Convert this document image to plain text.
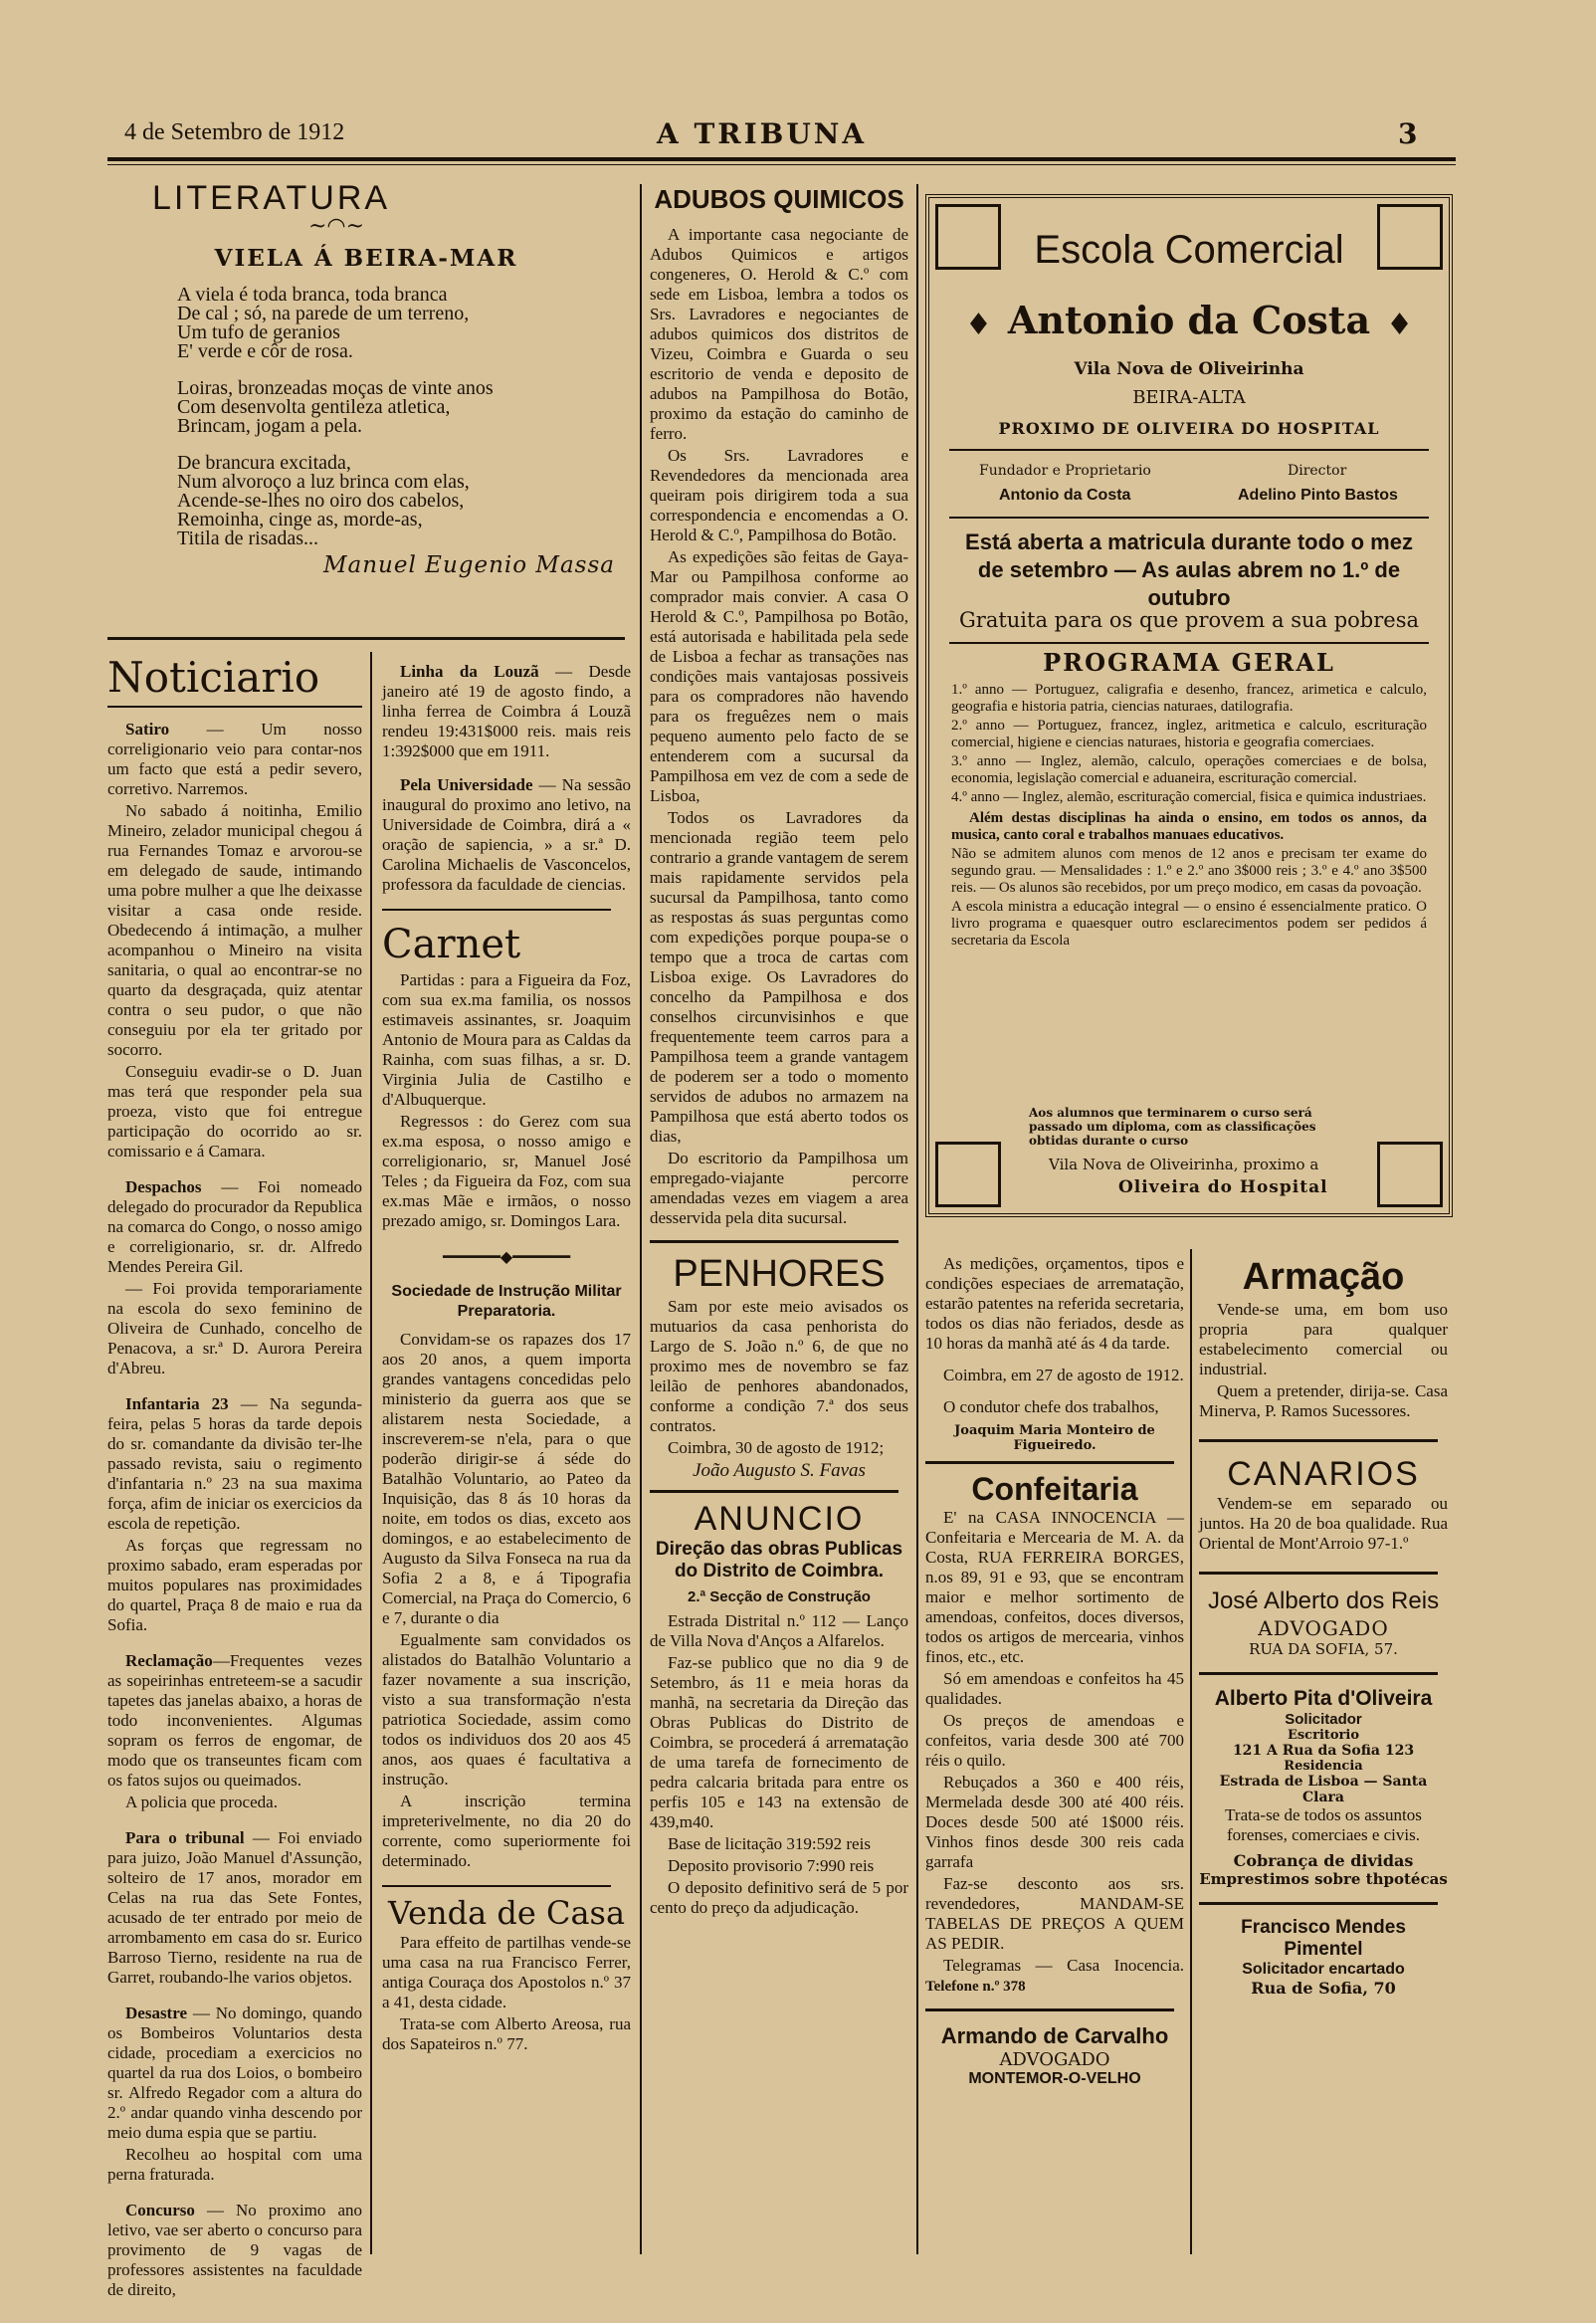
4 de Setembro de 1912	A TRIBUNA	3
LITERATURA
~◠~
VIELA Á BEIRA-MAR
A viela é toda branca, toda branca
De cal ; só, na parede de um terreno,
Um tufo de geranios
E' verde e côr de rosa.
Loiras, bronzeadas moças de vinte anos
Com desenvolta gentileza atletica,
Brincam, jogam a pela.
De brancura excitada,
Num alvoroço a luz brinca com elas,
Acende-se-lhes no oiro dos cabelos,
Remoinha, cinge as, morde-as,
Titila de risadas...
Manuel Eugenio Massa
Noticiario

Satiro — Um nosso correligionario veio para contar-nos um facto que está a pedir severo, corretivo. Narremos.

No sabado á noitinha, Emilio Mineiro, zelador municipal chegou á rua Fernandes Tomaz e arvorou-se em delegado de saude, intimando uma pobre mulher a que lhe deixasse visitar a casa onde reside. Obedecendo á intimação, a mulher acompanhou o Mineiro na visita sanitaria, o qual ao encontrar-se no quarto da desgraçada, quiz atentar contra o seu pudor, o que não conseguiu por ela ter gritado por socorro.

Conseguiu evadir-se o D. Juan mas terá que responder pela sua proeza, visto que foi entregue participação do ocorrido ao sr. comissario e á Camara.

Despachos — Foi nomeado delegado do procurador da Republica na comarca do Congo, o nosso amigo e correligionario, sr. dr. Alfredo Mendes Pereira Gil.

— Foi provida temporariamente na escola do sexo feminino de Oliveira de Cunhado, concelho de Penacova, a sr.ª D. Aurora Pereira d'Abreu.

Infantaria 23 — Na segunda-feira, pelas 5 horas da tarde depois do sr. comandante da divisão ter-lhe passado revista, saiu o regimento d'infantaria n.º 23 na sua maxima força, afim de iniciar os exercicios da escola de repetição.

As forças que regressam no proximo sabado, eram esperadas por muitos populares nas proximidades do quartel, Praça 8 de maio e rua da Sofia.

Reclamação—Frequentes vezes as sopeirinhas entreteem-se a sacudir tapetes das janelas abaixo, a horas de todo inconvenientes. Algumas sopram os ferros de engomar, de modo que os transeuntes ficam com os fatos sujos ou queimados.

A policia que proceda.

Para o tribunal — Foi enviado para juizo, João Manuel d'Assunção, solteiro de 17 anos, morador em Celas na rua das Sete Fontes, acusado de ter entrado por meio de arrombamento em casa do sr. Eurico Barroso Tierno, residente na rua de Garret, roubando-lhe varios objetos.

Desastre — No domingo, quando os Bombeiros Voluntarios desta cidade, procediam a exercicios no quartel da rua dos Loios, o bombeiro sr. Alfredo Regador com a altura do 2.º andar quando vinha descendo por meio duma espia que se partiu.

Recolheu ao hospital com uma perna fraturada.

Concurso — No proximo ano letivo, vae ser aberto o concurso para provimento de 9 vagas de professores assistentes na faculdade de direito,

Linha da Louzã — Desde janeiro até 19 de agosto findo, a linha ferrea de Coimbra á Louzã rendeu 19:431$000 reis. mais reis 1:392$000 que em 1911.

Pela Universidade — Na sessão inaugural do proximo ano letivo, na Universidade de Coimbra, dirá a « oração de sapiencia, » a sr.ª D. Carolina Michaelis de Vasconcelos, professora da faculdade de ciencias.

Carnet

Partidas : para a Figueira da Foz, com sua ex.ma familia, os nossos estimaveis assinantes, sr. Joaquim Antonio de Moura para as Caldas da Rainha, com suas filhas, a sr. D. Virginia Julia de Castilho e d'Albuquerque.

Regressos : do Gerez com sua ex.ma esposa, o nosso amigo e correligionario, sr, Manuel José Teles ; da Figueira da Foz, com sua ex.mas Mãe e irmãos, o nosso prezado amigo, sr. Domingos Lara.

━━━━━━◆━━━━━━
Sociedade de Instrução Militar Preparatoria.

Convidam-se os rapazes dos 17 aos 20 anos, a quem importa grandes vantagens concedidas pelo ministerio da guerra aos que se alistarem nesta Sociedade, a inscreverem-se n'ela, para o que poderão dirigir-se á séde do Batalhão Voluntario, ao Pateo da Inquisição, das 8 ás 10 horas da noite, em todos os dias, exceto aos domingos, e ao estabelecimento de Augusto da Silva Fonseca na rua da Sofia 2 a 8, e á Tipografia Comercial, na Praça do Comercio, 6 e 7, durante o dia

Egualmente sam convidados os alistados do Batalhão Voluntario a fazer novamente a sua inscrição, visto a sua transformação n'esta patriotica Sociedade, assim como todos os individuos dos 20 aos 45 anos, aos quaes é facultativa a instrução.

A inscrição termina impreterivelmente, no dia 20 do corrente, como superiormente foi determinado.

Venda de Casa

Para effeito de partilhas vende-se uma casa na rua Francisco Ferrer, antiga Couraça dos Apostolos n.º 37 a 41, desta cidade.

Trata-se com Alberto Areosa, rua dos Sapateiros n.º 77.

ADUBOS QUIMICOS

A importante casa negociante de Adubos Quimicos e artigos congeneres, O. Herold & C.º com sede em Lisboa, lembra a todos os Srs. Lavradores e negociantes de adubos quimicos dos distritos de Vizeu, Coimbra e Guarda o seu escritorio de venda e deposito de adubos na Pampilhosa do Botão, proximo da estação do caminho de ferro.

Os Srs. Lavradores e Revendedores da mencionada area queiram pois dirigirem toda a sua correspondencia e encomendas a O. Herold & C.º, Pampilhosa do Botão.

As expedições são feitas de Gaya-Mar ou Pampilhosa conforme ao comprador mais convier. A casa O Herold & C.º, Pampilhosa po Botão, está autorisada e habilitada pela sede de Lisboa a fechar as transações nas condições mais vantajosas possiveis para os compradores não havendo para os freguêzes nem o mais pequeno aumento pelo facto de se entenderem com a sucursal da Pampilhosa em vez de com a sede de Lisboa,

Todos os Lavradores da mencionada região teem pelo contrario a grande vantagem de serem mais rapidamente servidos pela sucursal da Pampilhosa, tanto como as respostas ás suas perguntas como com expedições porque poupa-se o tempo que a troca de cartas com Lisboa exige. Os Lavradores do concelho da Pampilhosa e dos conselhos circunvisinhos e que frequentemente teem carros para a Pampilhosa teem a grande vantagem de poderem ser a todo o momento servidos de adubos no armazem na Pampilhosa que está aberto todos os dias,

Do escritorio da Pampilhosa um empregado-viajante percorre amendadas vezes em viagem a area desservida pela dita sucursal.

PENHORES

Sam por este meio avisados os mutuarios da casa penhorista do Largo de S. João n.º 6, de que no proximo mes de novembro se faz leilão de penhores abandonados, conforme a condição 7.ª dos seus contratos.

Coimbra, 30 de agosto de 1912;

João Augusto S. Favas
ANUNCIO
Direção das obras Publicas do Distrito de Coimbra.
2.ª Secção de Construção

Estrada Distrital n.º 112 — Lanço de Villa Nova d'Anços a Alfarelos.

Faz-se publico que no dia 9 de Setembro, ás 11 e meia horas da manhã, na secretaria da Direção das Obras Publicas do Distrito de Coimbra, se procederá á arrematação de uma tarefa de fornecimento de pedra calcaria britada para entre os perfis 105 e 143 na extensão de 439,m40.

Base de licitação 319:592 reis

Deposito provisorio 7:990 reis

O deposito definitivo será de 5 por cento do preço da adjudicação.

♦	♦
Escola Comercial
Antonio da Costa
Vila Nova de Oliveirinha
BEIRA-ALTA
PROXIMO DE OLIVEIRA DO HOSPITAL
Fundador e Proprietario
Antonio da Costa
Director
Adelino Pinto Bastos
Está aberta a matricula durante todo o mez de setembro — As aulas abrem no 1.º de outubro
Gratuita para os que provem a sua pobresa
PROGRAMA GERAL

1.º anno — Portuguez, caligrafia e desenho, francez, arimetica e calculo, geografia e historia patria, ciencias naturaes, datilografia.

2.º anno — Portuguez, francez, inglez, aritmetica e calculo, escrituração comercial, higiene e ciencias naturaes, historia e geografia comerciaes.

3.º anno — Inglez, alemão, calculo, operações comerciaes e de bolsa, economia, legislação comercial e aduaneira, escrituração comercial.

4.º anno — Inglez, alemão, escrituração comercial, fisica e quimica industriaes.

Além destas disciplinas ha ainda o ensino, em todos os annos, da musica, canto coral e trabalhos manuaes educativos.

Não se admitem alunos com menos de 12 anos e precisam ter exame do segundo grau. — Mensalidades : 1.º e 2.º ano 3$000 reis ; 3.º e 4.º ano 3$500 reis. — Os alunos são recebidos, por um preço modico, em casas da povoação.

A escola ministra a educação integral — o ensino é essencialmente pratico. O livro programa e quaesquer outro esclarecimentos podem ser pedidos á secretaria da Escola

Aos alumnos que terminarem o curso será passado um diploma, com as classificações obtidas durante o curso
Vila Nova de Oliveirinha, proximo a
Oliveira do Hospital

As medições, orçamentos, tipos e condições especiaes de arrematação, estarão patentes na referida secretaria, todos os dias não feriados, desde as 10 horas da manhã até ás 4 da tarde.

Coimbra, em 27 de agosto de 1912.

O condutor chefe dos trabalhos,

Joaquim Maria Monteiro de Figueiredo.
Confeitaria

E' na CASA INNOCENCIA — Confeitaria e Mercearia de M. A. da Costa, RUA FERREIRA BORGES, n.os 89, 91 e 93, que se encontram maior e melhor sortimento de amendoas, confeitos, doces diversos, todos os artigos de mercearia, vinhos finos, etc., etc.

Só em amendoas e confeitos ha 45 qualidades.

Os preços de amendoas e confeitos, varia desde 300 até 700 réis o quilo.

Rebuçados a 360 e 400 réis, Mermelada desde 300 até 400 réis. Doces desde 500 até 1$000 réis. Vinhos finos desde 300 reis cada garrafa

Faz-se desconto aos srs. revendedores, MANDAM-SE TABELAS DE PREÇOS A QUEM AS PEDIR.

Telegramas — Casa Inocencia. Telefone n.º 378

Armando de Carvalho
ADVOGADO
MONTEMOR-O-VELHO
Armação

Vende-se uma, em bom uso propria para qualquer estabelecimento comercial ou industrial.

Quem a pretender, dirija-se. Casa Minerva, P. Ramos Sucessores.

CANARIOS

Vendem-se em separado ou juntos. Ha 20 de boa qualidade. Rua Oriental de Mont'Arroio 97-1.º

José Alberto dos Reis
ADVOGADO
RUA DA SOFIA, 57.
Alberto Pita d'Oliveira
Solicitador
Escritorio
121 A Rua da Sofia 123
Residencia
Estrada de Lisboa — Santa Clara
Trata-se de todos os assuntos forenses, comerciaes e civis.
Cobrança de dividas
Emprestimos sobre thpotécas
Francisco Mendes Pimentel
Solicitador encartado
Rua de Sofia, 70
